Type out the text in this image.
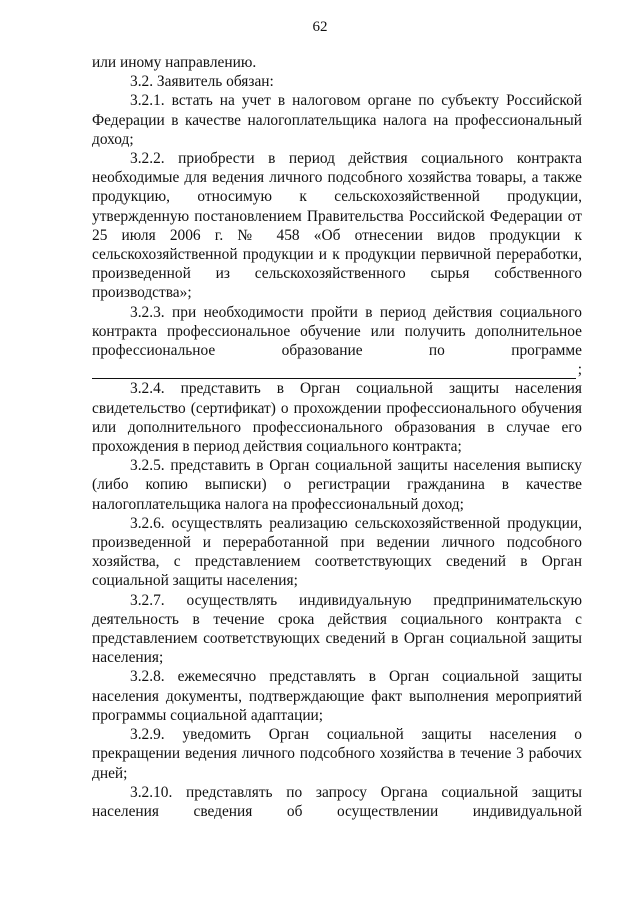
62

или иному направлению.

3.2. Заявитель обязан:

3.2.1. встать на учет в налоговом органе по субъекту Российской Федерации в качестве налогоплательщика налога на профессиональный доход;

3.2.2. приобрести в период действия социального контракта необходимые для ведения личного подсобного хозяйства товары, а также продукцию, относимую к сельскохозяйственной продукции, утвержденную постановлением Правительства Российской Федерации от 25 июля 2006 г. № 458 «Об отнесении видов продукции к сельскохозяйственной продукции и к продукции первичной переработки, произведенной из сельскохозяйственного сырья собственного производства»;

3.2.3. при необходимости пройти в период действия социального контракта профессиональное обучение или получить дополнительное профессиональное образование по программе

;

3.2.4. представить в Орган социальной защиты населения свидетельство (сертификат) о прохождении профессионального обучения или дополнительного профессионального образования в случае его прохождения в период действия социального контракта;

3.2.5. представить в Орган социальной защиты населения выписку (либо копию выписки) о регистрации гражданина в качестве налогоплательщика налога на профессиональный доход;

3.2.6. осуществлять реализацию сельскохозяйственной продукции, произведенной и переработанной при ведении личного подсобного хозяйства, с представлением соответствующих сведений в Орган социальной защиты населения;

3.2.7. осуществлять индивидуальную предпринимательскую деятельность в течение срока действия социального контракта с представлением соответствующих сведений в Орган социальной защиты населения;

3.2.8. ежемесячно представлять в Орган социальной защиты населения документы, подтверждающие факт выполнения мероприятий программы социальной адаптации;

3.2.9. уведомить Орган социальной защиты населения о прекращении ведения личного подсобного хозяйства в течение 3 рабочих дней;

3.2.10. представлять по запросу Органа социальной защиты населения сведения об осуществлении индивидуальной
